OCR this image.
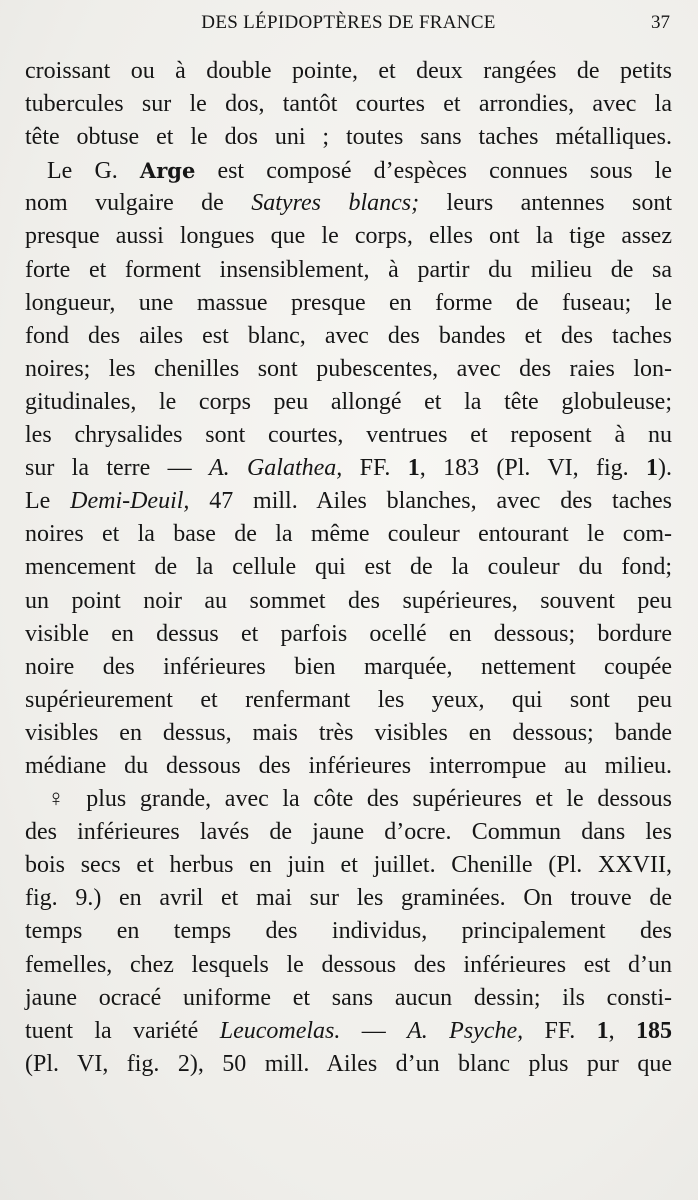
DES LÉPIDOPTÈRES DE FRANCE	37
croissant ou à double pointe, et deux rangées de petits
tubercules sur le dos, tantôt courtes et arrondies, avec la
tête obtuse et le dos uni ; toutes sans taches métalliques.
Le G. Arge est composé d’espèces connues sous le
nom vulgaire de Satyres blancs; leurs antennes sont
presque aussi longues que le corps, elles ont la tige assez
forte et forment insensiblement, à partir du milieu de sa
longueur, une massue presque en forme de fuseau; le
fond des ailes est blanc, avec des bandes et des taches
noires; les chenilles sont pubescentes, avec des raies lon-
gitudinales, le corps peu allongé et la tête globuleuse;
les chrysalides sont courtes, ventrues et reposent à nu
sur la terre — A. Galathea, FF. 1, 183 (Pl. VI, fig. 1).
Le Demi-Deuil, 47 mill. Ailes blanches, avec des taches
noires et la base de la même couleur entourant le com-
mencement de la cellule qui est de la couleur du fond;
un point noir au sommet des supérieures, souvent peu
visible en dessus et parfois ocellé en dessous; bordure
noire des inférieures bien marquée, nettement coupée
supérieurement et renfermant les yeux, qui sont peu
visibles en dessus, mais très visibles en dessous; bande
médiane du dessous des inférieures interrompue au milieu.
♀ plus grande, avec la côte des supérieures et le dessous
des inférieures lavés de jaune d’ocre. Commun dans les
bois secs et herbus en juin et juillet. Chenille (Pl. XXVII,
fig. 9.) en avril et mai sur les graminées. On trouve de
temps en temps des individus, principalement des
femelles, chez lesquels le dessous des inférieures est d’un
jaune ocracé uniforme et sans aucun dessin; ils consti-
tuent la variété Leucomelas. — A. Psyche, FF. 1, 185
(Pl. VI, fig. 2), 50 mill. Ailes d’un blanc plus pur que
